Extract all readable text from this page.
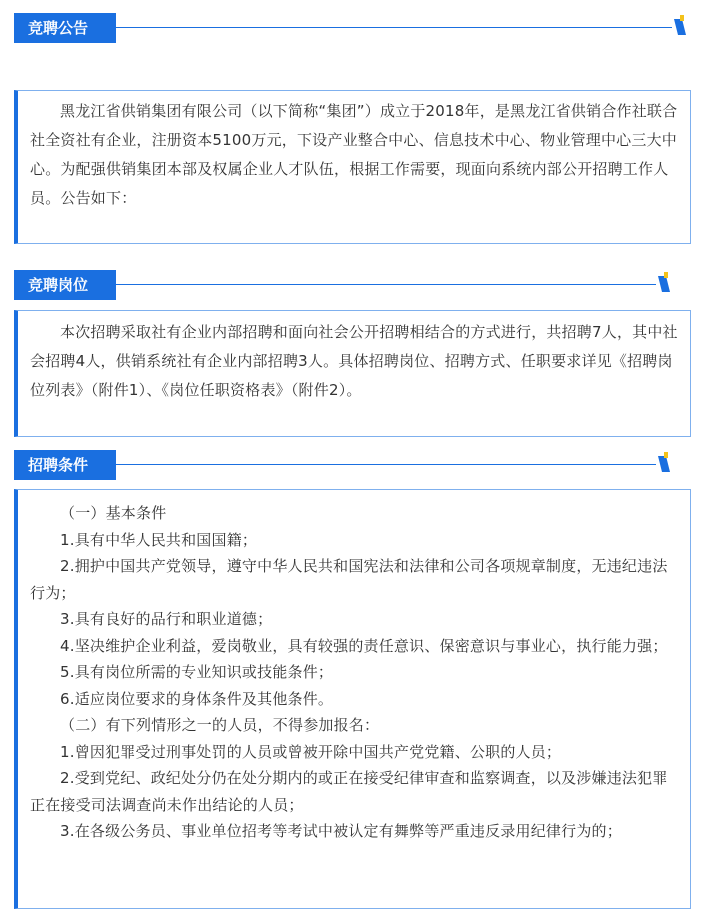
竞聘公告

黑龙江省供销集团有限公司（以下简称“集团”）成立于2018年，是黑龙江省供销合作社联合社全资社有企业，注册资本5100万元，下设产业整合中心、信息技术中心、物业管理中心三大中心。为配强供销集团本部及权属企业人才队伍，根据工作需要，现面向系统内部公开招聘工作人员。公告如下：

竞聘岗位

本次招聘采取社有企业内部招聘和面向社会公开招聘相结合的方式进行，共招聘7人，其中社会招聘4人，供销系统社有企业内部招聘3人。具体招聘岗位、招聘方式、任职要求详见《招聘岗位列表》（附件1）、《岗位任职资格表》（附件2）。

招聘条件

（一）基本条件

1.具有中华人民共和国国籍；

2.拥护中国共产党领导，遵守中华人民共和国宪法和法律和公司各项规章制度，无违纪违法行为；

3.具有良好的品行和职业道德；

4.坚决维护企业利益，爱岗敬业，具有较强的责任意识、保密意识与事业心，执行能力强；

5.具有岗位所需的专业知识或技能条件；

6.适应岗位要求的身体条件及其他条件。

（二）有下列情形之一的人员，不得参加报名：

1.曾因犯罪受过刑事处罚的人员或曾被开除中国共产党党籍、公职的人员；

2.受到党纪、政纪处分仍在处分期内的或正在接受纪律审查和监察调查，以及涉嫌违法犯罪正在接受司法调查尚未作出结论的人员；

3.在各级公务员、事业单位招考等考试中被认定有舞弊等严重违反录用纪律行为的；
